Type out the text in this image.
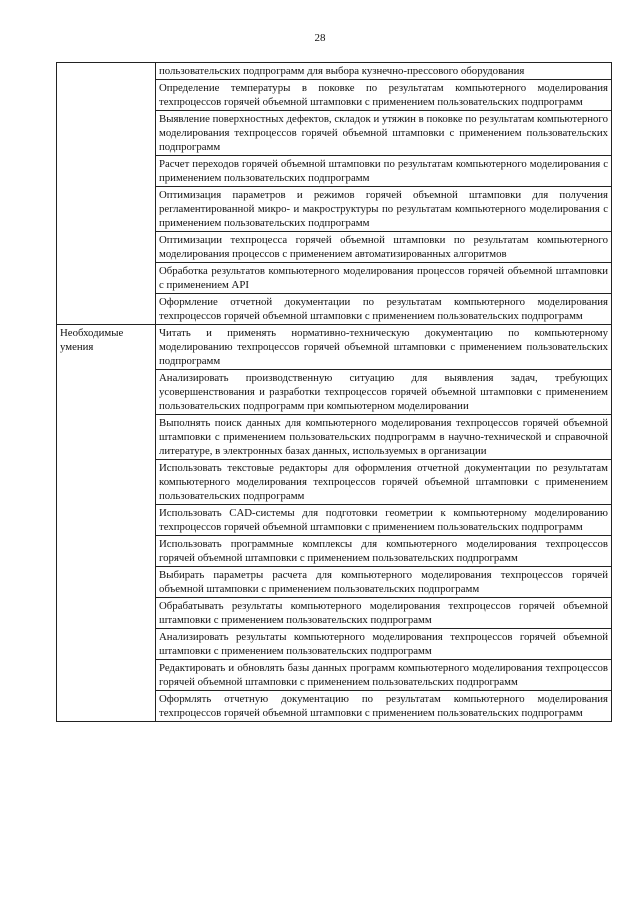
28
	пользовательских подпрограмм для выбора кузнечно-прессового оборудования
	Определение температуры в поковке по результатам компьютерного моделирования техпроцессов горячей объемной штамповки с применением пользовательских подпрограмм
	Выявление поверхностных дефектов, складок и утяжин в поковке по результатам компьютерного моделирования техпроцессов горячей объемной штамповки с применением пользовательских подпрограмм
	Расчет переходов горячей объемной штамповки по результатам компьютерного моделирования с применением пользовательских подпрограмм
	Оптимизация параметров и режимов горячей объемной штамповки для получения регламентированной микро- и макроструктуры по результатам компьютерного моделирования с применением пользовательских подпрограмм
	Оптимизации техпроцесса горячей объемной штамповки по результатам компьютерного моделирования процессов с применением автоматизированных алгоритмов
	Обработка результатов компьютерного моделирования процессов горячей объемной штамповки с применением API
	Оформление отчетной документации по результатам компьютерного моделирования техпроцессов горячей объемной штамповки с применением пользовательских подпрограмм
Необходимые умения	Читать и применять нормативно-техническую документацию по компьютерному моделированию техпроцессов горячей объемной штамповки с применением пользовательских подпрограмм
	Анализировать производственную ситуацию для выявления задач, требующих усовершенствования и разработки техпроцессов горячей объемной штамповки с применением пользовательских подпрограмм при компьютерном моделировании
	Выполнять поиск данных для компьютерного моделирования техпроцессов горячей объемной штамповки с применением пользовательских подпрограмм в научно-технической и справочной литературе, в электронных базах данных, используемых в организации
	Использовать текстовые редакторы для оформления отчетной документации по результатам компьютерного моделирования техпроцессов горячей объемной штамповки с применением пользовательских подпрограмм
	Использовать CAD-системы для подготовки геометрии к компьютерному моделированию техпроцессов горячей объемной штамповки с применением пользовательских подпрограмм
	Использовать программные комплексы для компьютерного моделирования техпроцессов горячей объемной штамповки с применением пользовательских подпрограмм
	Выбирать параметры расчета для компьютерного моделирования техпроцессов горячей объемной штамповки с применением пользовательских подпрограмм
	Обрабатывать результаты компьютерного моделирования техпроцессов горячей объемной штамповки с применением пользовательских подпрограмм
	Анализировать результаты компьютерного моделирования техпроцессов горячей объемной штамповки с применением пользовательских подпрограмм
	Редактировать и обновлять базы данных программ компьютерного моделирования техпроцессов горячей объемной штамповки с применением пользовательских подпрограмм
	Оформлять отчетную документацию по результатам компьютерного моделирования техпроцессов горячей объемной штамповки с применением пользовательских подпрограмм
